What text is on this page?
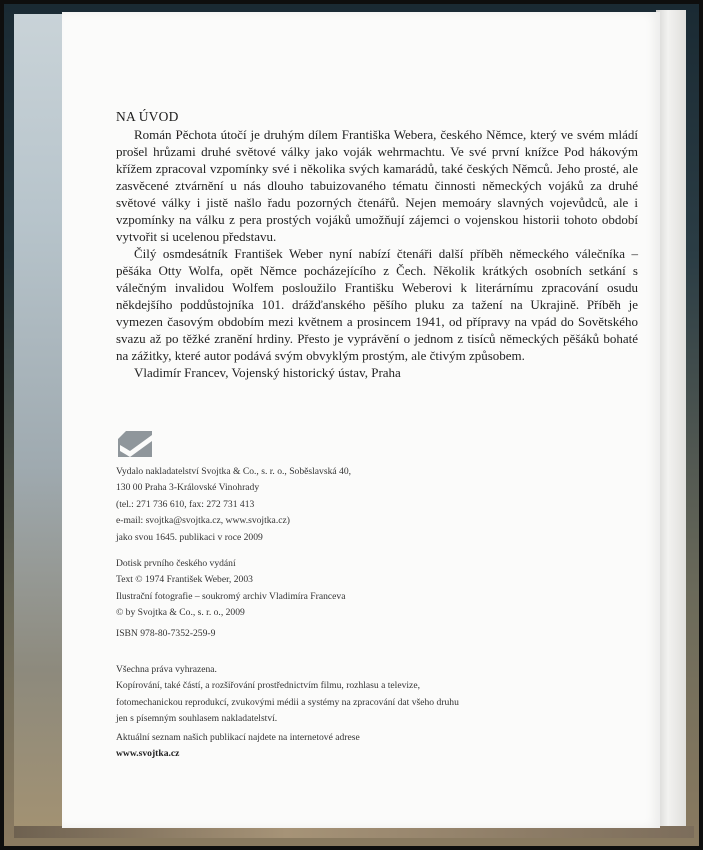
NA ÚVOD

Román Pěchota útočí je druhým dílem Františka Webera, českého Němce, který ve svém mládí prošel hrůzami druhé světové války jako voják wehrmachtu. Ve své první knížce Pod hákovým křížem zpracoval vzpomínky své i několika svých kamarádů, také českých Němců. Jeho prosté, ale zasvěcené ztvárnění u nás dlouho tabuizovaného tématu činnosti německých vojáků za druhé světové války i jistě našlo řadu pozorných čtenářů. Nejen memoáry slavných vojevůdců, ale i vzpomínky na válku z pera prostých vojáků umožňují zájemci o vojenskou historii tohoto období vytvořit si ucelenou představu.

Čilý osmdesátník František Weber nyní nabízí čtenáři další příběh německého válečníka – pěšáka Otty Wolfa, opět Němce pocházejícího z Čech. Několik krátkých osobních setkání s válečným invalidou Wolfem posloužilo Františku Weberovi k literárnímu zpracování osudu někdejšího poddůstojníka 101. drážďanského pěšího pluku za tažení na Ukrajině. Příběh je vymezen časovým obdobím mezi květnem a prosincem 1941, od přípravy na vpád do Sovětského svazu až po těžké zranění hrdiny. Přesto je vyprávění o jednom z tisíců německých pěšáků bohaté na zážitky, které autor podává svým obvyklým prostým, ale čtivým způsobem.

Vladimír Francev, Vojenský historický ústav, Praha

Vydalo nakladatelství Svojtka & Co., s. r. o., Soběslavská 40,
130 00 Praha 3-Královské Vinohrady
(tel.: 271 736 610, fax: 272 731 413
e-mail: svojtka@svojtka.cz, www.svojtka.cz)
jako svou 1645. publikaci v roce 2009
Dotisk prvního českého vydání
Text © 1974 František Weber, 2003
Ilustrační fotografie – soukromý archiv Vladimíra Franceva
© by Svojtka & Co., s. r. o., 2009
ISBN 978-80-7352-259-9
Všechna práva vyhrazena.
Kopírování, také částí, a rozšiřování prostřednictvím filmu, rozhlasu a televize,
fotomechanickou reprodukcí, zvukovými médii a systémy na zpracování dat všeho druhu
jen s písemným souhlasem nakladatelství.
Aktuální seznam našich publikací najdete na internetové adrese
www.svojtka.cz
